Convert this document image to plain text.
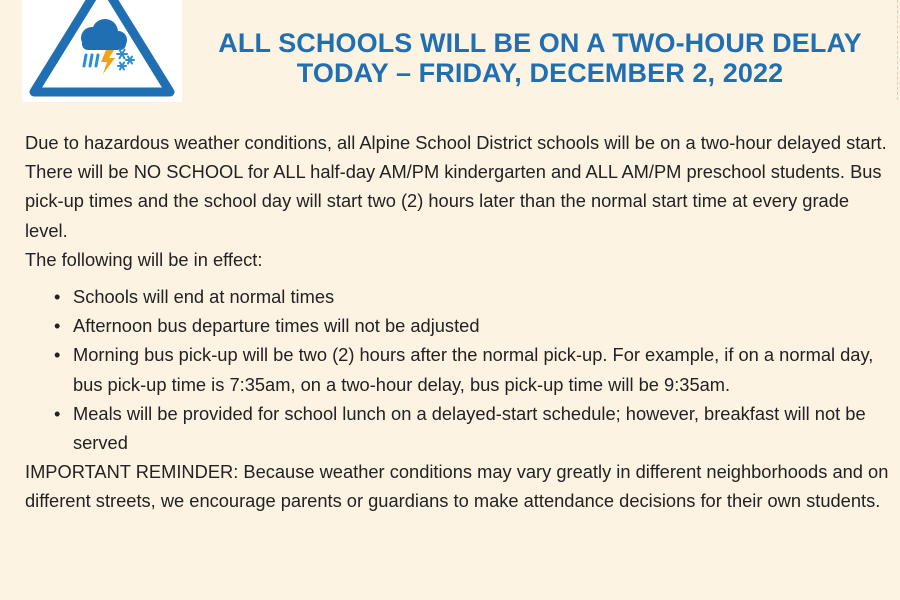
ALL SCHOOLS WILL BE ON A TWO-HOUR DELAY
TODAY – FRIDAY, DECEMBER 2, 2022

Due to hazardous weather conditions, all Alpine School District schools will be on a two-hour delayed start. There will be NO SCHOOL for ALL half-day AM/PM kindergarten and ALL AM/PM preschool students. Bus pick-up times and the school day will start two (2) hours later than the normal start time at every grade level.

The following will be in effect:

• Schools will end at normal times
• Afternoon bus departure times will not be adjusted
• Morning bus pick-up will be two (2) hours after the normal pick-up. For example, if on a normal day, bus pick-up time is 7:35am, on a two-hour delay, bus pick-up time will be 9:35am.
• Meals will be provided for school lunch on a delayed-start schedule; however, breakfast will not be served

IMPORTANT REMINDER: Because weather conditions may vary greatly in different neighborhoods and on different streets, we encourage parents or guardians to make attendance decisions for their own students.
